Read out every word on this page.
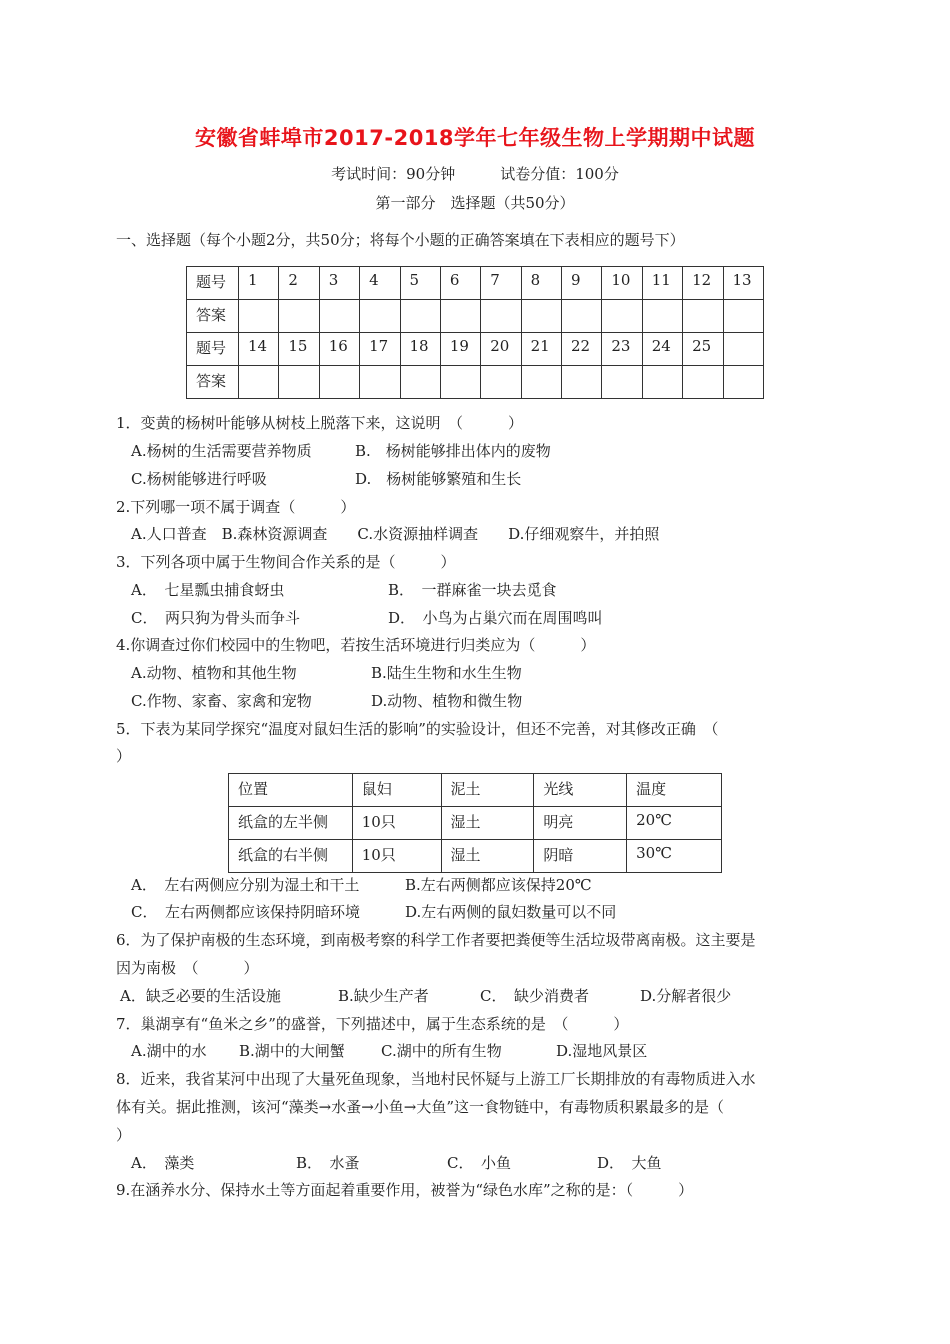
安徽省蚌埠市2017-2018学年七年级生物上学期期中试题
考试时间：90分钟　　　试卷分值：100分
第一部分　选择题（共50分）
一、选择题（每个小题2分，共50分；将每个小题的正确答案填在下表相应的题号下）
题号	1	2	3	4	5	6	7	8	9	10	11	12	13
答案													
题号	14	15	16	17	18	19	20	21	22	23	24	25	
答案													
1．变黄的杨树叶能够从树枝上脱落下来，这说明　（　　　）
A.杨树的生活需要营养物质	B.　杨树能够排出体内的废物
C.杨树能够进行呼吸	D.　杨树能够繁殖和生长
2.下列哪一项不属于调查（　　　）
A.人口普查　B.森林资源调查　　C.水资源抽样调查　　D.仔细观察牛，并拍照
3．下列各项中属于生物间合作关系的是（　　　）
A．　七星瓢虫捕食蚜虫	B．　一群麻雀一块去觅食
C．　两只狗为骨头而争斗	D．　小鸟为占巢穴而在周围鸣叫
4.你调查过你们校园中的生物吧，若按生活环境进行归类应为（　　　）
A.动物、植物和其他生物	B.陆生生物和水生生物
C.作物、家畜、家禽和宠物	D.动物、植物和微生物
5．下表为某同学探究“温度对鼠妇生活的影响”的实验设计，但还不完善，对其修改正确　（
）
位置	鼠妇	泥土	光线	温度
纸盒的左半侧	10只	湿土	明亮	20℃
纸盒的右半侧	10只	湿土	阴暗	30℃
A．　左右两侧应分别为湿土和干土	B.左右两侧都应该保持20℃
C．　左右两侧都应该保持阴暗环境	D.左右两侧的鼠妇数量可以不同
6．为了保护南极的生态环境，到南极考察的科学工作者要把粪便等生活垃圾带离南极。这主要是
因为南极　（　　　）
A．缺乏必要的生活设施	B.缺少生产者	C．　缺少消费者	D.分解者很少
7．巢湖享有“鱼米之乡”的盛誉，下列描述中，属于生态系统的是　（　　　）
A.湖中的水 B.湖中的大闸蟹 C.湖中的所有生物	D.湿地风景区
8．近来，我省某河中出现了大量死鱼现象，当地村民怀疑与上游工厂长期排放的有毒物质进入水
体有关。据此推测，该河“藻类→水蚤→小鱼→大鱼”这一食物链中，有毒物质积累最多的是（
）
A．　藻类	B．　水蚤	C．　小鱼	D．　大鱼
9.在涵养水分、保持水土等方面起着重要作用，被誉为“绿色水库”之称的是：（　　　）
